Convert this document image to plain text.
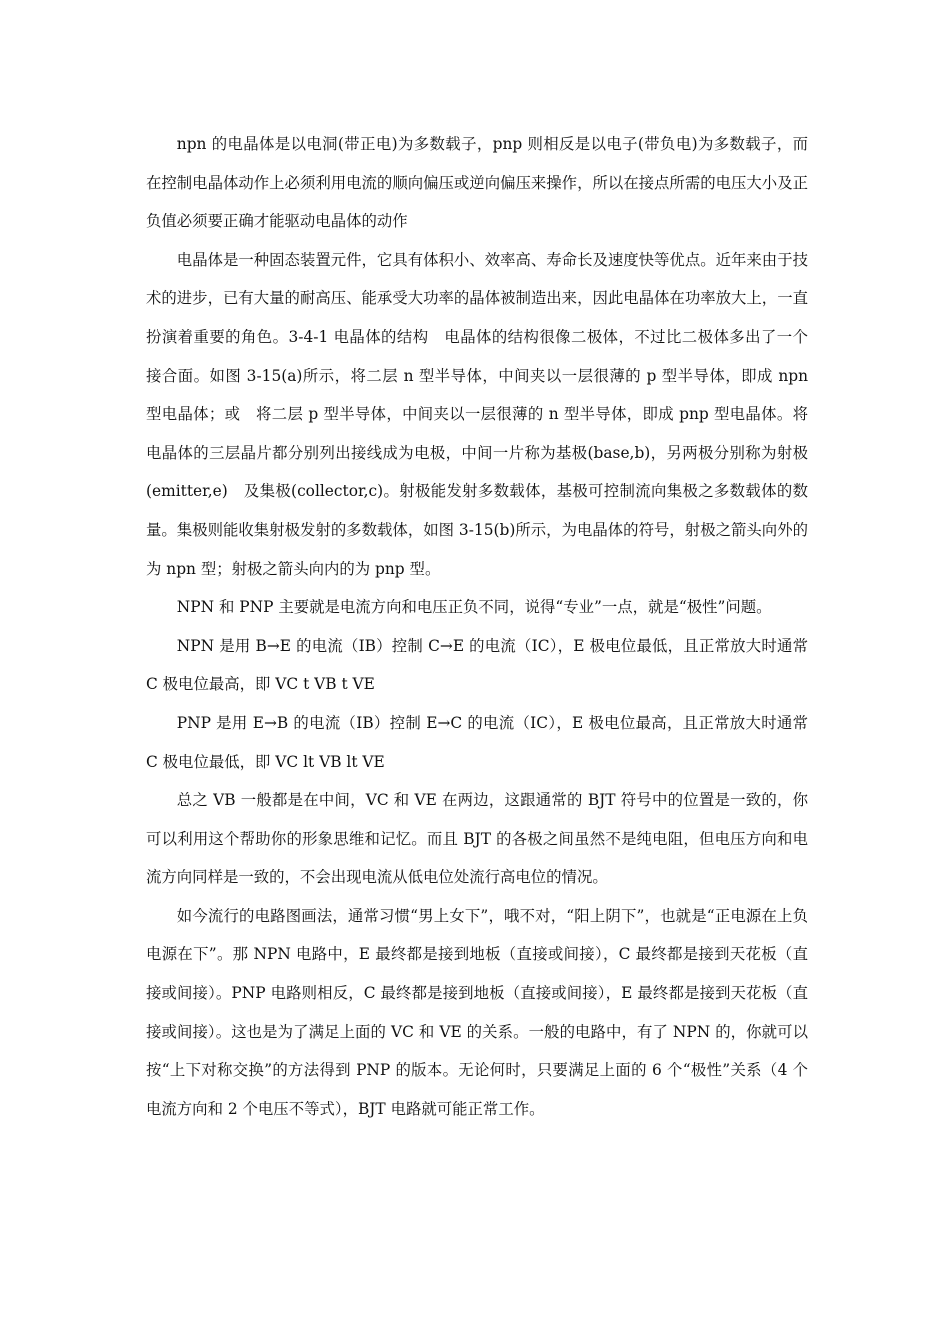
npn 的电晶体是以电洞(带正电)为多数载子，pnp 则相反是以电子(带负电)为多数载子，而在控制电晶体动作上必须利用电流的顺向偏压或逆向偏压来操作，所以在接点所需的电压大小及正负值必须要正确才能驱动电晶体的动作

电晶体是一种固态装置元件，它具有体积小、效率高、寿命长及速度快等优点。近年来由于技术的进步，已有大量的耐高压、能承受大功率的晶体被制造出来，因此电晶体在功率放大上，一直扮演着重要的角色。3-4-1 电晶体的结构　电晶体的结构很像二极体，不过比二极体多出了一个　接合面。如图 3-15(a)所示，将二层 n 型半导体，中间夹以一层很薄的 p 型半导体，即成 npn 型电晶体；或　将二层 p 型半导体，中间夹以一层很薄的 n 型半导体，即成 pnp 型电晶体。将电晶体的三层晶片都分别列出接线成为电极，中间一片称为基极(base,b)，另两极分别称为射极(emitter,e)　及集极(collector,c)。射极能发射多数载体，基极可控制流向集极之多数载体的数量。集极则能收集射极发射的多数载体，如图 3-15(b)所示，为电晶体的符号，射极之箭头向外的为 npn 型；射极之箭头向内的为 pnp 型。

NPN 和 PNP 主要就是电流方向和电压正负不同，说得“专业”一点，就是“极性”问题。

NPN 是用 B→E 的电流（IB）控制 C→E 的电流（IC），E 极电位最低，且正常放大时通常 C 极电位最高，即 VC t VB t VE

PNP 是用 E→B 的电流（IB）控制 E→C 的电流（IC），E 极电位最高，且正常放大时通常 C 极电位最低，即 VC lt VB lt VE

总之 VB 一般都是在中间，VC 和 VE 在两边，这跟通常的 BJT 符号中的位置是一致的，你可以利用这个帮助你的形象思维和记忆。而且 BJT 的各极之间虽然不是纯电阻，但电压方向和电流方向同样是一致的，不会出现电流从低电位处流行高电位的情况。

如今流行的电路图画法，通常习惯“男上女下”，哦不对，“阳上阴下”，也就是“正电源在上负电源在下”。那 NPN 电路中，E 最终都是接到地板（直接或间接），C 最终都是接到天花板（直接或间接）。PNP 电路则相反，C 最终都是接到地板（直接或间接），E 最终都是接到天花板（直接或间接）。这也是为了满足上面的 VC 和 VE 的关系。一般的电路中，有了 NPN 的，你就可以按“上下对称交换”的方法得到 PNP 的版本。无论何时，只要满足上面的 6 个“极性”关系（4 个电流方向和 2 个电压不等式），BJT 电路就可能正常工作。
